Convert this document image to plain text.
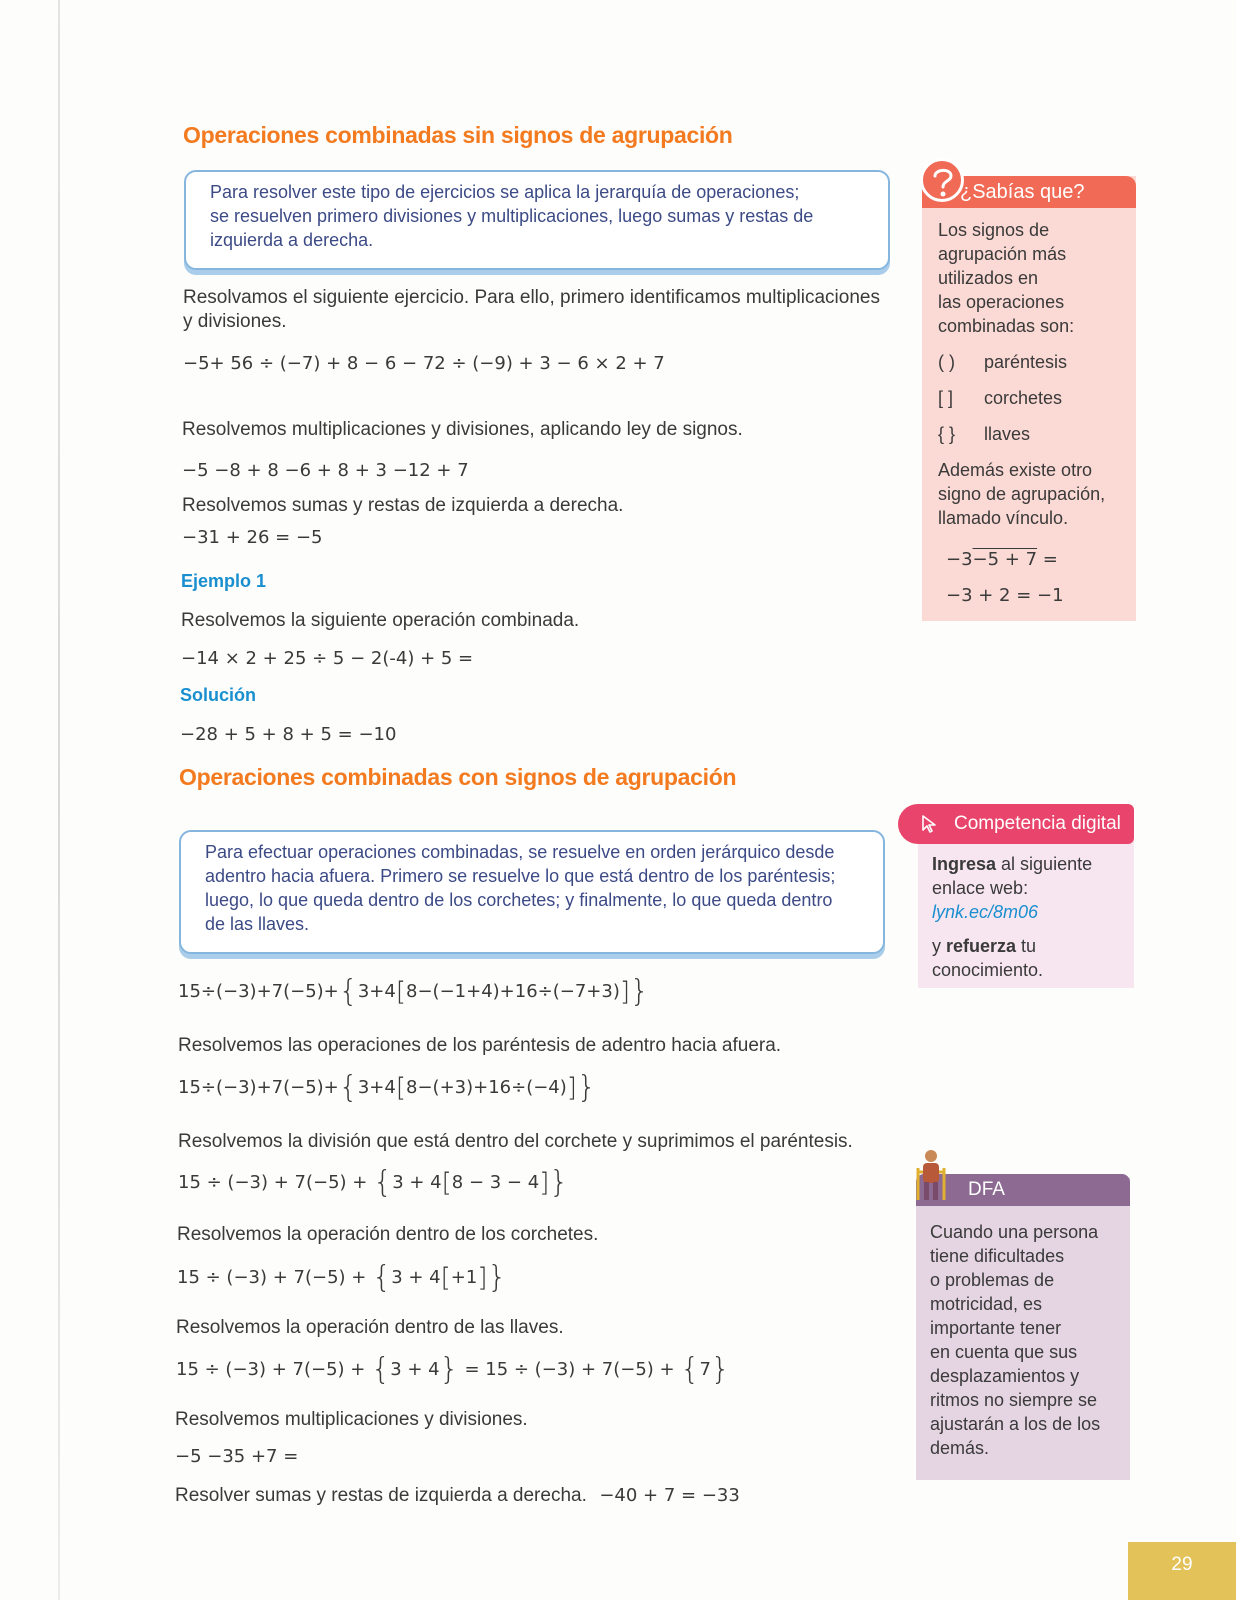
Operaciones combinadas sin signos de agrupación
Para resolver este tipo de ejercicios se aplica la jerarquía de operaciones;
se resuelven primero divisiones y multiplicaciones, luego sumas y restas de
izquierda a derecha.
Resolvamos el siguiente ejercicio. Para ello, primero identificamos multiplicaciones
y divisiones.
−5+ 56 ÷ (−7) + 8 − 6 − 72 ÷ (−9) + 3 − 6 × 2 + 7
Resolvemos multiplicaciones y divisiones, aplicando ley de signos.
−5 −8 + 8 −6 + 8 + 3 −12 + 7
Resolvemos sumas y restas de izquierda a derecha.
−31 + 26 = −5
Ejemplo 1
Resolvemos la siguiente operación combinada.
−14 × 2 + 25 ÷ 5 − 2(-4) + 5 =
Solución
−28 + 5 + 8 + 5 = −10
Operaciones combinadas con signos de agrupación
Para efectuar operaciones combinadas, se resuelve en orden jerárquico desde
adentro hacia afuera. Primero se resuelve lo que está dentro de los paréntesis;
luego, lo que queda dentro de los corchetes; y finalmente, lo que queda dentro
de las llaves.
15÷(−3)+7(−5)+{3+4[8−(−1+4)+16÷(−7+3)]}
Resolvemos las operaciones de los paréntesis de adentro hacia afuera.
15÷(−3)+7(−5)+{3+4[8−(+3)+16÷(−4)]}
Resolvemos la división que está dentro del corchete y suprimimos el paréntesis.
15 ÷ (−3) + 7(−5) + {3 + 4[8 − 3 − 4]}
Resolvemos la operación dentro de los corchetes.
15 ÷ (−3) + 7(−5) + {3 + 4[+1]}
Resolvemos la operación dentro de las llaves.
15 ÷ (−3) + 7(−5) + {3 + 4} = 15 ÷ (−3) + 7(−5) + {7}
Resolvemos multiplicaciones y divisiones.
−5 −35 +7 =
Resolver sumas y restas de izquierda a derecha. −40 + 7 = −33
¿Sabías que?
Los signos de
agrupación más
utilizados en
las operaciones
combinadas son:
( ) paréntesis
[ ] corchetes
{ } llaves
Además existe otro
signo de agrupación,
llamado vínculo.
−3−5 + 7 =
−3 + 2 = −1
Ingresa al siguiente
enlace web:
lynk.ec/8m06
y refuerza tu
conocimiento.
Competencia digital
Cuando una persona
tiene dificultades
o problemas de
motricidad, es
importante tener
en cuenta que sus
desplazamientos y
ritmos no siempre se
ajustarán a los de los
demás.
DFA
29
